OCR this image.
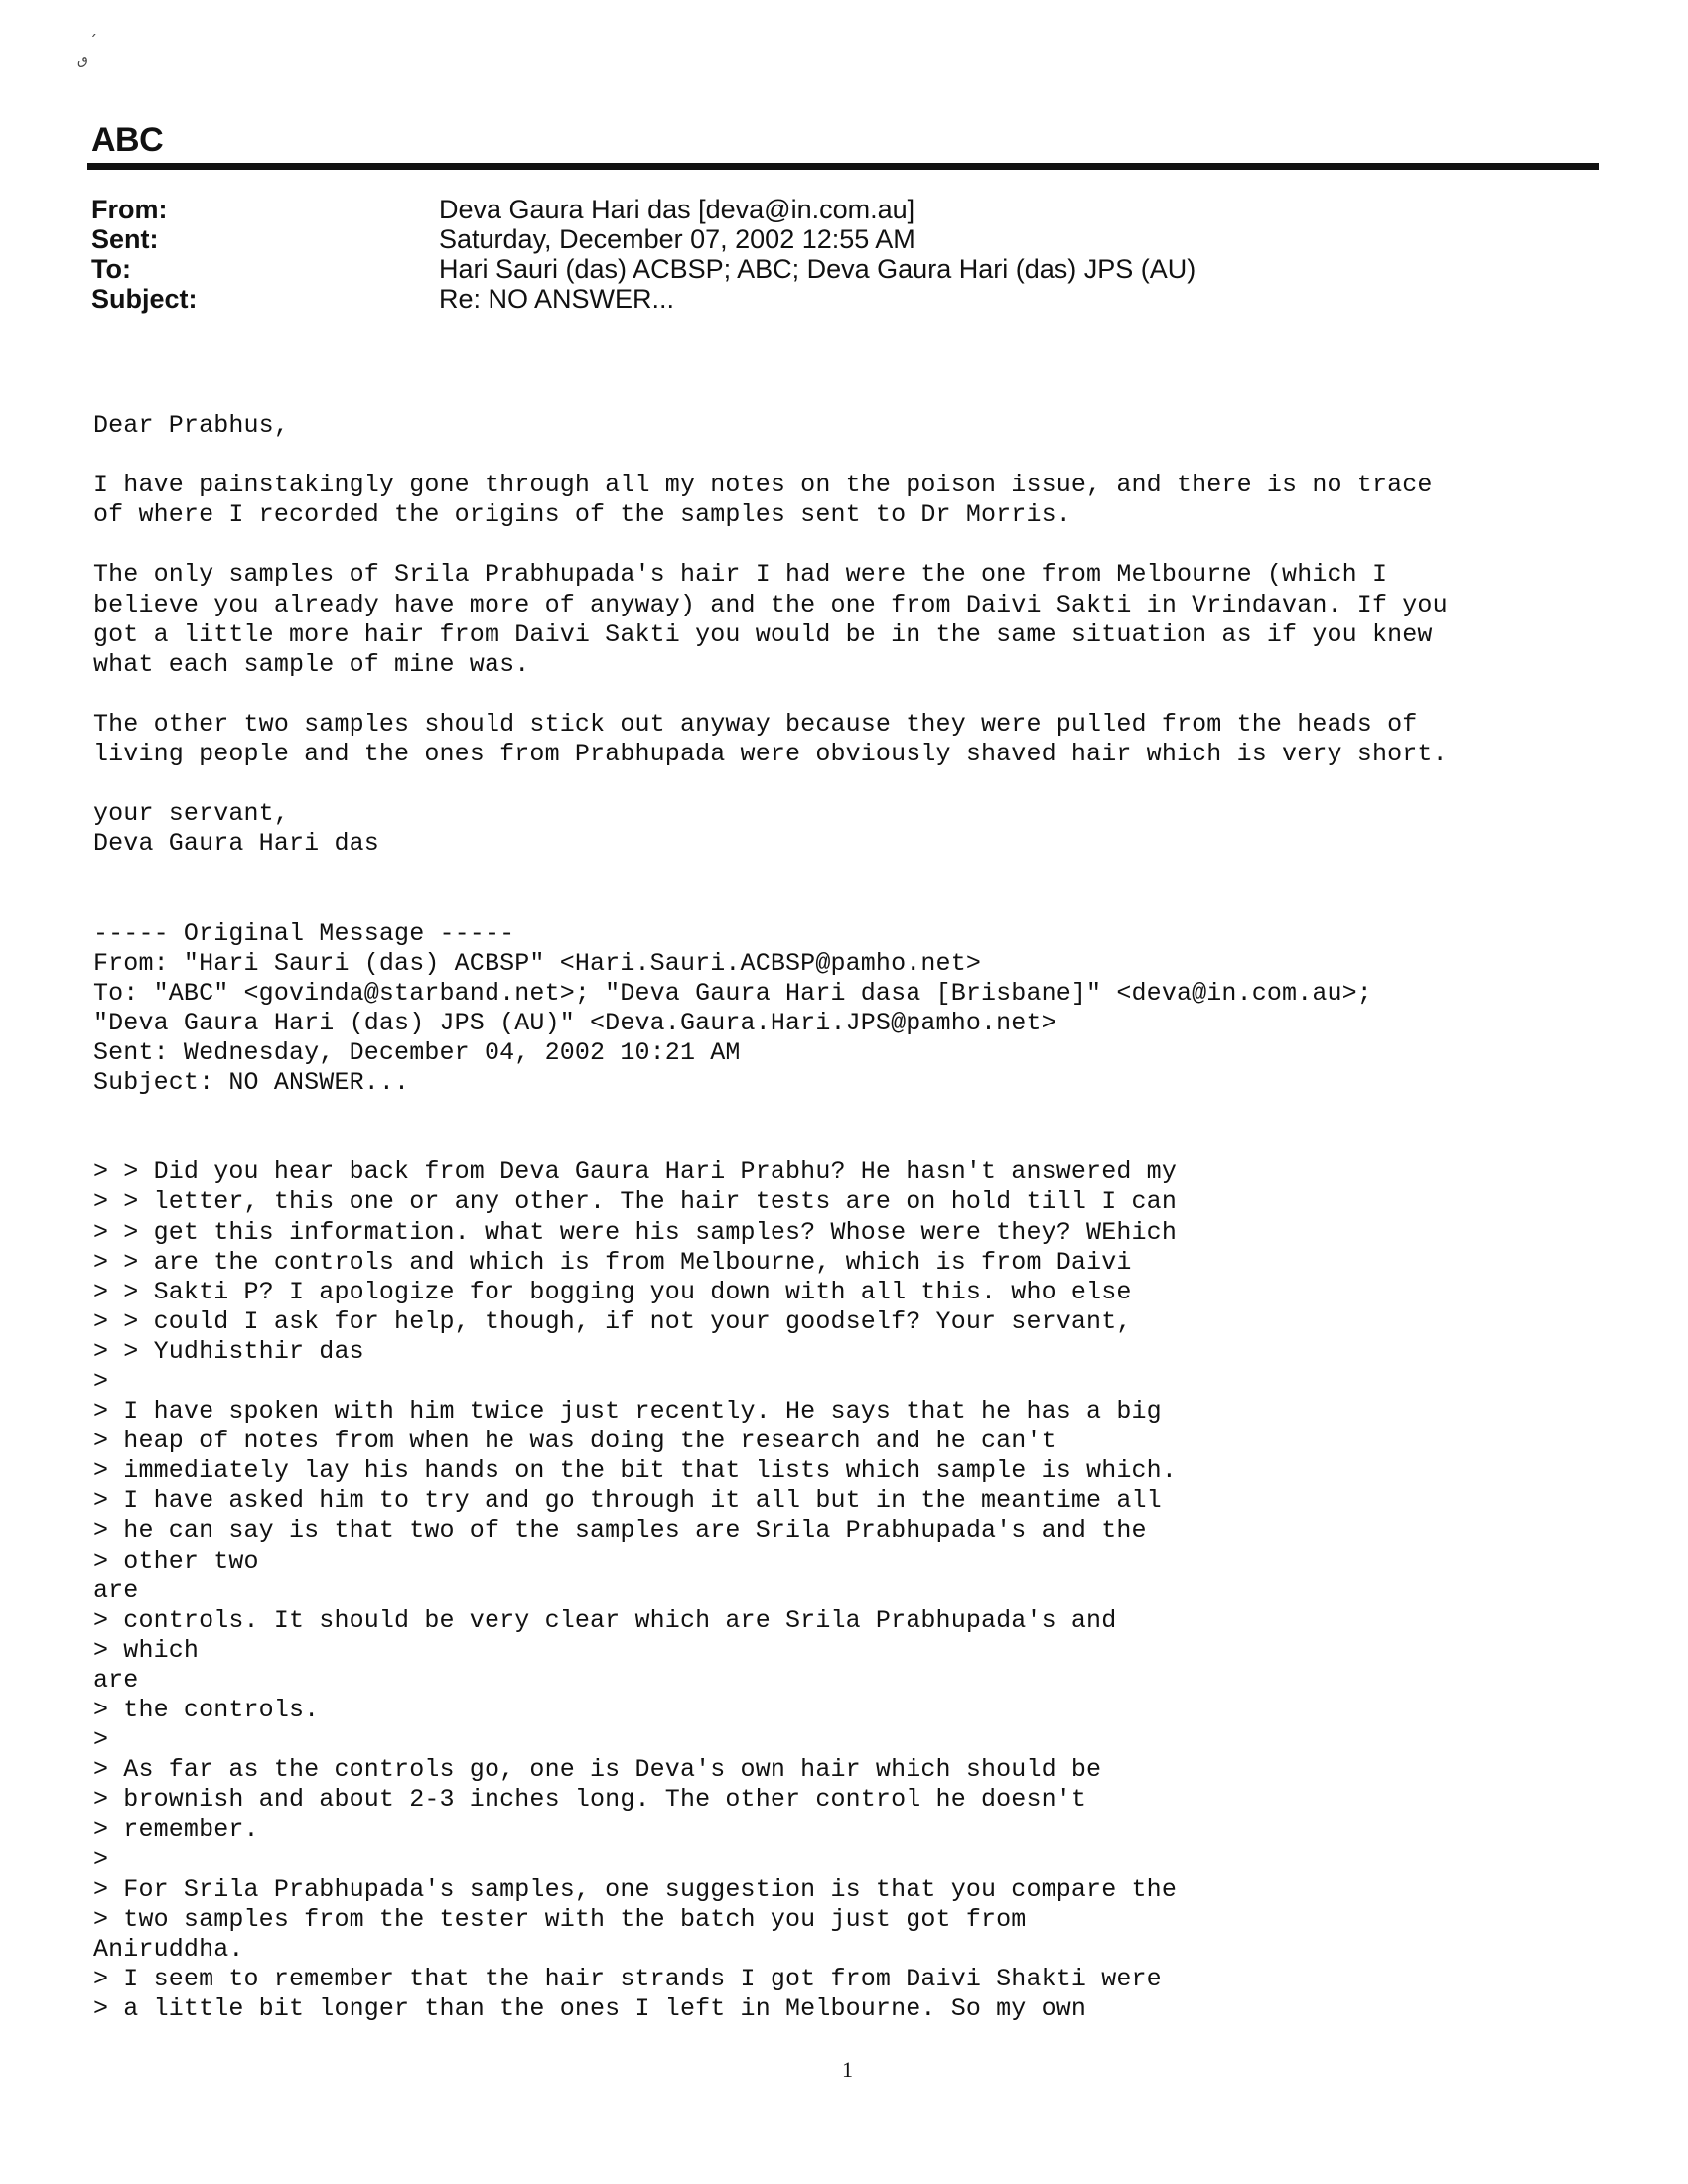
ˏ
ٯ
ABC
From:	Deva Gaura Hari das [deva@in.com.au]
Sent:	Saturday, December 07, 2002 12:55 AM
To:	Hari Sauri (das) ACBSP; ABC; Deva Gaura Hari (das) JPS (AU)
Subject:	Re: NO ANSWER...
Dear Prabhus,
I have painstakingly gone through all my notes on the poison issue, and there is no trace
of where I recorded the origins of the samples sent to Dr Morris.
The only samples of Srila Prabhupada's hair I had were the one from Melbourne (which I
believe you already have more of anyway) and the one from Daivi Sakti in Vrindavan. If you
got a little more hair from Daivi Sakti you would be in the same situation as if you knew
what each sample of mine was.
The other two samples should stick out anyway because they were pulled from the heads of
living people and the ones from Prabhupada were obviously shaved hair which is very short.
your servant,
Deva Gaura Hari das
----- Original Message -----
From: "Hari Sauri (das) ACBSP" <Hari.Sauri.ACBSP@pamho.net>
To: "ABC" <govinda@starband.net>; "Deva Gaura Hari dasa [Brisbane]" <deva@in.com.au>;
"Deva Gaura Hari (das) JPS (AU)" <Deva.Gaura.Hari.JPS@pamho.net>
Sent: Wednesday, December 04, 2002 10:21 AM
Subject: NO ANSWER...
> > Did you hear back from Deva Gaura Hari Prabhu? He hasn't answered my
> > letter, this one or any other. The hair tests are on hold till I can
> > get this information. what were his samples? Whose were they? WEhich
> > are the controls and which is from Melbourne, which is from Daivi
> > Sakti P? I apologize for bogging you down with all this. who else
> > could I ask for help, though, if not your goodself? Your servant,
> > Yudhisthir das
>
> I have spoken with him twice just recently. He says that he has a big
> heap of notes from when he was doing the research and he can't
> immediately lay his hands on the bit that lists which sample is which.
> I have asked him to try and go through it all but in the meantime all
> he can say is that two of the samples are Srila Prabhupada's and the
> other two
are
> controls. It should be very clear which are Srila Prabhupada's and
> which
are
> the controls.
>
> As far as the controls go, one is Deva's own hair which should be
> brownish and about 2-3 inches long. The other control he doesn't
> remember.
>
> For Srila Prabhupada's samples, one suggestion is that you compare the
> two samples from the tester with the batch you just got from
Aniruddha.
> I seem to remember that the hair strands I got from Daivi Shakti were
> a little bit longer than the ones I left in Melbourne. So my own
1
